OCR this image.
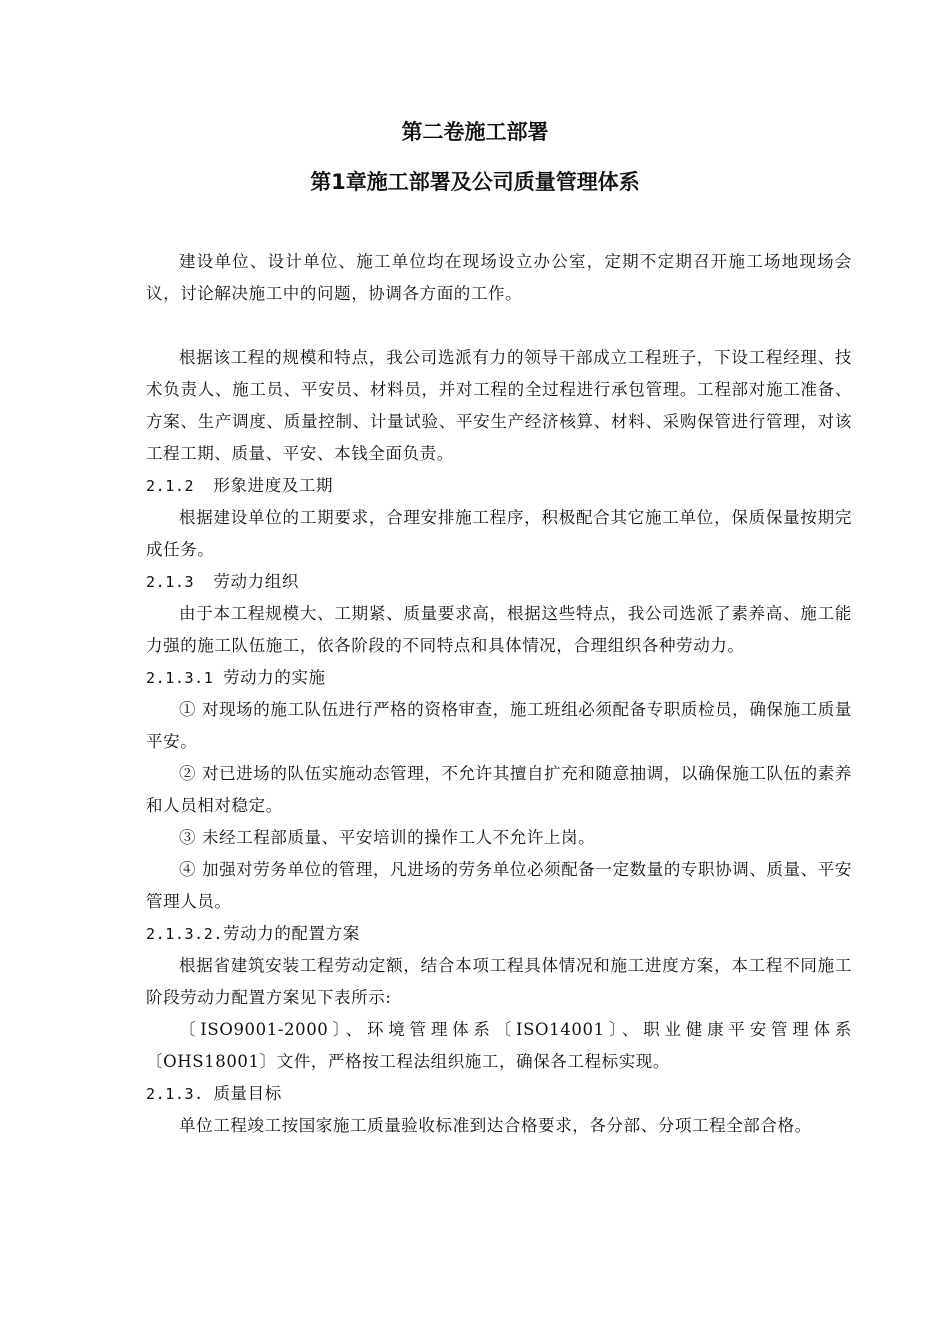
第二卷施工部署
第1章施工部署及公司质量管理体系

建设单位、设计单位、施工单位均在现场设立办公室，定期不定期召开施工场地现场会议，讨论解决施工中的问题，协调各方面的工作。

根据该工程的规模和特点，我公司选派有力的领导干部成立工程班子，下设工程经理、技术负责人、施工员、平安员、材料员，并对工程的全过程进行承包管理。工程部对施工准备、方案、生产调度、质量控制、计量试验、平安生产经济核算、材料、采购保管进行管理，对该工程工期、质量、平安、本钱全面负责。

2.1.2 形象进度及工期

根据建设单位的工期要求，合理安排施工程序，积极配合其它施工单位，保质保量按期完成任务。

2.1.3 劳动力组织

由于本工程规模大、工期紧、质量要求高，根据这些特点，我公司选派了素养高、施工能力强的施工队伍施工，依各阶段的不同特点和具体情况，合理组织各种劳动力。

2.1.3.1 劳动力的实施

① 对现场的施工队伍进行严格的资格审查，施工班组必须配备专职质检员，确保施工质量平安。

② 对已进场的队伍实施动态管理，不允许其擅自扩充和随意抽调，以确保施工队伍的素养和人员相对稳定。

③ 未经工程部质量、平安培训的操作工人不允许上岗。

④ 加强对劳务单位的管理，凡进场的劳务单位必须配备一定数量的专职协调、质量、平安管理人员。

2.1.3.2.劳动力的配置方案

根据省建筑安装工程劳动定额，结合本项工程具体情况和施工进度方案，本工程不同施工阶段劳动力配置方案见下表所示:

〔ISO9001-2000〕、环境管理体系〔ISO14001〕、职业健康平安管理体系〔OHS18001〕文件，严格按工程法组织施工，确保各工程标实现。

2.1.3. 质量目标

单位工程竣工按国家施工质量验收标准到达合格要求，各分部、分项工程全部合格。
